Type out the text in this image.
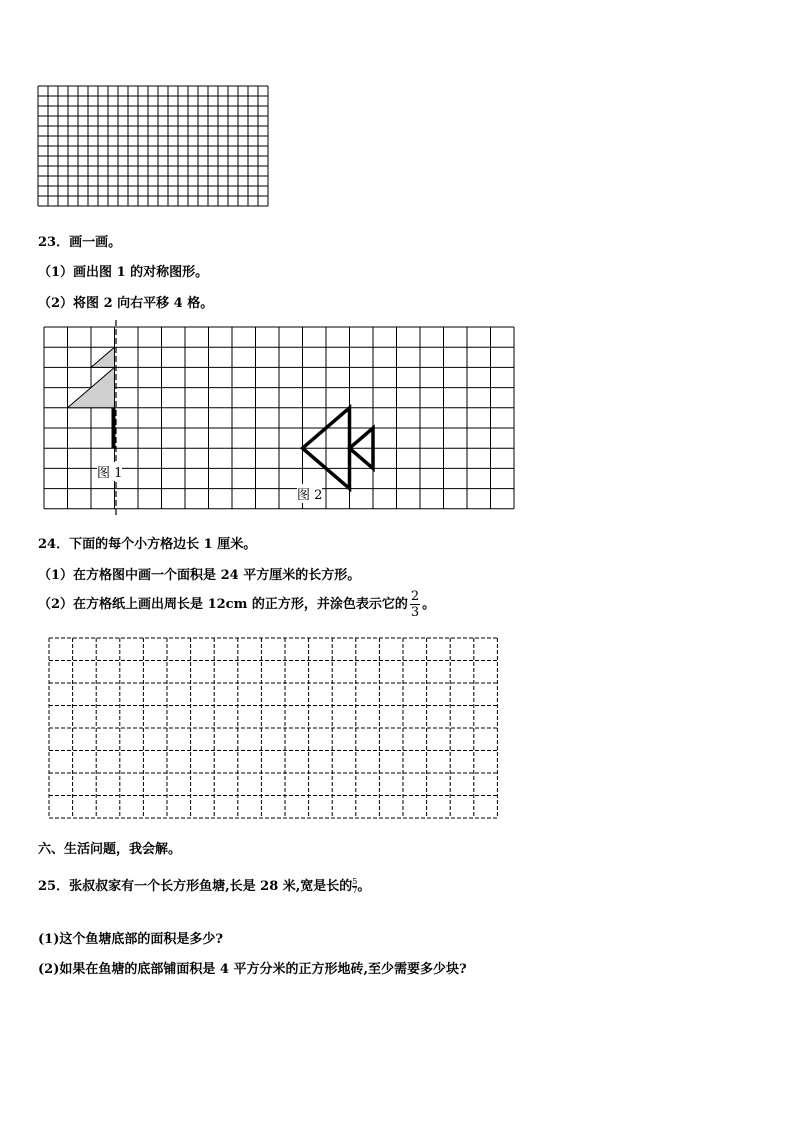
23．画一画。
（1）画出图 1 的对称图形。
（2）将图 2 向右平移 4 格。
图 1
图 2
24．下面的每个小方格边长 1 厘米。
（1）在方格图中画一个面积是 24 平方厘米的长方形。
（2）在方格纸上画出周长是 12cm 的正方形，并涂色表示它的 $\frac{2}{3}$ 。
六、生活问题，我会解。
25．张叔叔家有一个长方形鱼塘,长是 28 米,宽是长的 $\frac{5}{7}$ 。
(1)这个鱼塘底部的面积是多少?
(2)如果在鱼塘的底部铺面积是 4 平方分米的正方形地砖,至少需要多少块?
